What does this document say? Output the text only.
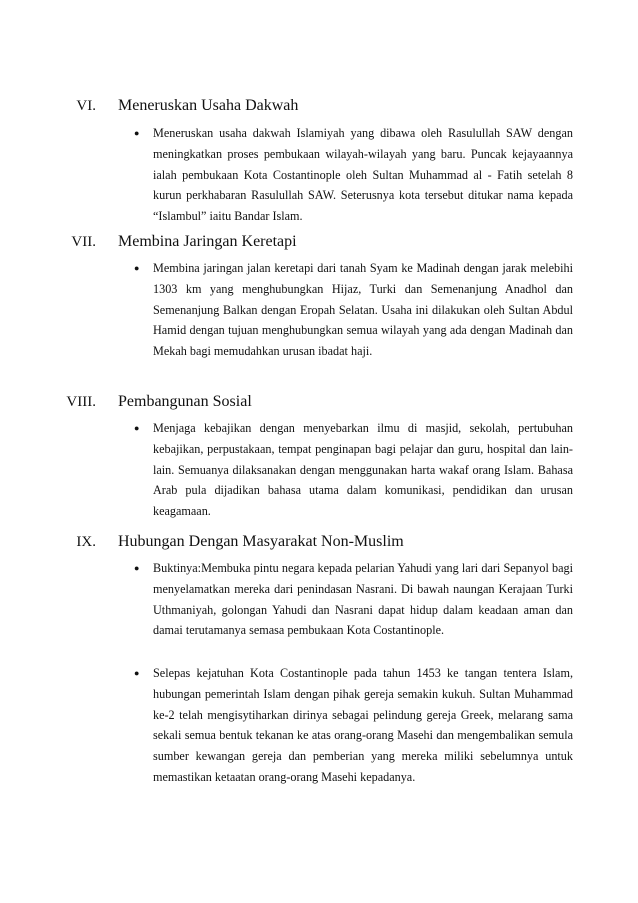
VI. Meneruskan Usaha Dakwah
● Meneruskan usaha dakwah Islamiyah yang dibawa oleh Rasulullah SAW dengan meningkatkan proses pembukaan wilayah-wilayah yang baru. Puncak kejayaannya ialah pembukaan Kota Costantinople oleh Sultan Muhammad al - Fatih setelah 8 kurun perkhabaran Rasulullah SAW. Seterusnya kota tersebut ditukar nama kepada “Islambul” iaitu Bandar Islam.
VII. Membina Jaringan Keretapi
● Membina jaringan jalan keretapi dari tanah Syam ke Madinah dengan jarak melebihi 1303 km yang menghubungkan Hijaz, Turki dan Semenanjung Anadhol dan Semenanjung Balkan dengan Eropah Selatan. Usaha ini dilakukan oleh Sultan Abdul Hamid dengan tujuan menghubungkan semua wilayah yang ada dengan Madinah dan Mekah bagi memudahkan urusan ibadat haji.
VIII. Pembangunan Sosial
● Menjaga kebajikan dengan menyebarkan ilmu di masjid, sekolah, pertubuhan kebajikan, perpustakaan, tempat penginapan bagi pelajar dan guru, hospital dan lain-lain. Semuanya dilaksanakan dengan menggunakan harta wakaf orang Islam. Bahasa Arab pula dijadikan bahasa utama dalam komunikasi, pendidikan dan urusan keagamaan.
IX. Hubungan Dengan Masyarakat Non-Muslim
● Buktinya:Membuka pintu negara kepada pelarian Yahudi yang lari dari Sepanyol bagi menyelamatkan mereka dari penindasan Nasrani. Di bawah naungan Kerajaan Turki Uthmaniyah, golongan Yahudi dan Nasrani dapat hidup dalam keadaan aman dan damai terutamanya semasa pembukaan Kota Costantinople.
● Selepas kejatuhan Kota Costantinople pada tahun 1453 ke tangan tentera Islam, hubungan pemerintah Islam dengan pihak gereja semakin kukuh. Sultan Muhammad ke-2 telah mengisytiharkan dirinya sebagai pelindung gereja Greek, melarang sama sekali semua bentuk tekanan ke atas orang-orang Masehi dan mengembalikan semula sumber kewangan gereja dan pemberian yang mereka miliki sebelumnya untuk memastikan ketaatan orang-orang Masehi kepadanya.
